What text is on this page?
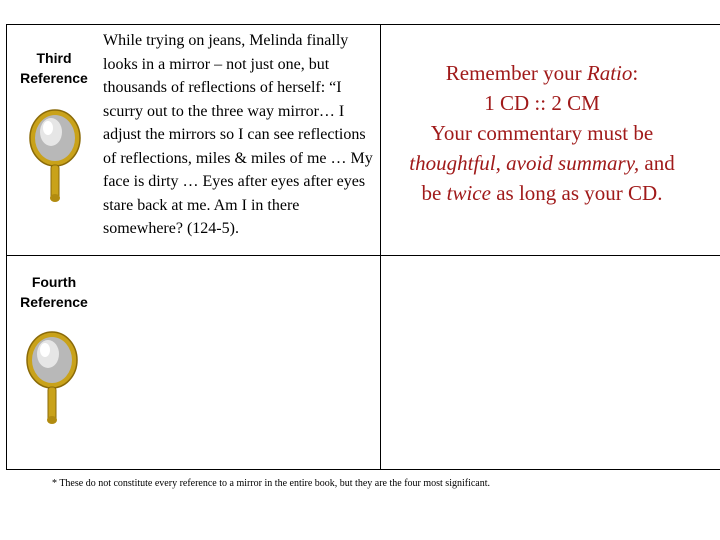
Third
Reference
While trying on jeans, Melinda finally looks in a mirror – not just one, but thousands of reflections of herself: “I scurry out to the three way mirror… I adjust the mirrors so I can see reflections of reflections, miles & miles of me … My face is dirty … Eyes after eyes after eyes stare back at me. Am I in there somewhere? (124-5).
Fourth
Reference
Remember your Ratio:
1 CD :: 2 CM
Your commentary must be
thoughtful, avoid summary, and
be twice as long as your CD.
* These do not constitute every reference to a mirror in the entire book, but they are the four most significant.
